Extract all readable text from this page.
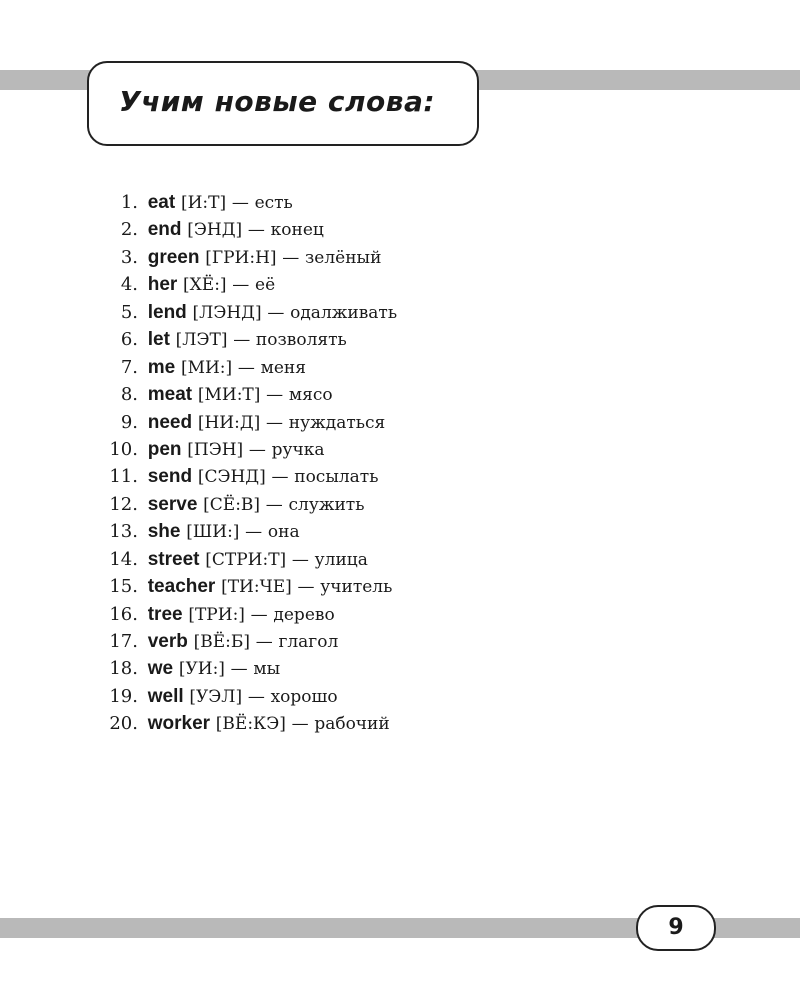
Учим новые слова:
1. eat [И:Т] — есть
2. end [ЭНД] — конец
3. green [ГРИ:Н] — зелёный
4. her [ХЁ:] — её
5. lend [ЛЭНД] — одалживать
6. let [ЛЭТ] — позволять
7. me [МИ:] — меня
8. meat [МИ:Т] — мясо
9. need [НИ:Д] — нуждаться
10. pen [ПЭН] — ручка
11. send [СЭНД] — посылать
12. serve [СЁ:В] — служить
13. she [ШИ:] — она
14. street [СТРИ:Т] — улица
15. teacher [ТИ:ЧЕ] — учитель
16. tree [ТРИ:] — дерево
17. verb [ВЁ:Б] — глагол
18. we [УИ:] — мы
19. well [УЭЛ] — хорошо
20. worker [ВЁ:КЭ] — рабочий
9
